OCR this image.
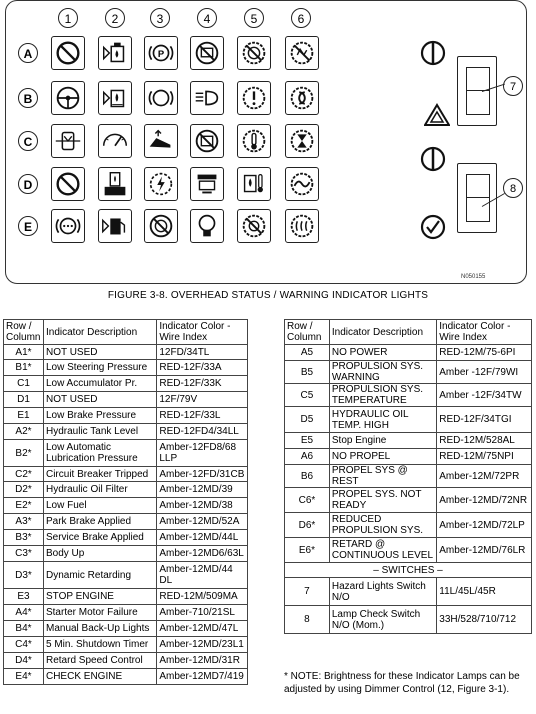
1	2	3	4	5	6
A
B
C
D
E
P
7
8
N050155
FIGURE 3-8. OVERHEAD STATUS / WARNING INDICATOR LIGHTS
Row / Column	Indicator Description	Indicator Color - Wire Index
A1*	NOT USED	12FD/34TL
B1*	Low Steering Pressure	RED-12F/33A
C1	Low Accumulator Pr.	RED-12F/33K
D1	NOT USED	12F/79V
E1	Low Brake Pressure	RED-12F/33L
A2*	Hydraulic Tank Level	RED-12FD4/34LL
B2*	Low Automatic Lubrication Pressure	Amber-12FD8/68 LLP
C2*	Circuit Breaker Tripped	Amber-12FD/31CB
D2*	Hydraulic Oil Filter	Amber-12MD/39
E2*	Low Fuel	Amber-12MD/38
A3*	Park Brake Applied	Amber-12MD/52A
B3*	Service Brake Applied	Amber-12MD/44L
C3*	Body Up	Amber-12MD6/63L
D3*	Dynamic Retarding	Amber-12MD/44 DL
E3	STOP ENGINE	RED-12M/509MA
A4*	Starter Motor Failure	Amber-710/21SL
B4*	Manual Back-Up Lights	Amber-12MD/47L
C4*	5 Min. Shutdown Timer	Amber-12MD/23L1
D4*	Retard Speed Control	Amber-12MD/31R
E4*	CHECK ENGINE	Amber-12MD7/419
Row / Column	Indicator Description	Indicator Color - Wire Index
A5	NO POWER	RED-12M/75-6PI
B5	PROPULSION SYS. WARNING	Amber -12F/79WI
C5	PROPULSION SYS. TEMPERATURE	Amber -12F/34TW
D5	HYDRAULIC OIL TEMP. HIGH	RED-12F/34TGI
E5	Stop Engine	RED-12M/528AL
A6	NO PROPEL	RED-12M/75NPI
B6	PROPEL SYS @ REST	Amber-12M/72PR
C6*	PROPEL SYS. NOT READY	Amber-12MD/72NR
D6*	REDUCED PROPULSION SYS.	Amber-12MD/72LP
E6*	RETARD @ CONTINUOUS LEVEL	Amber-12MD/76LR
– SWITCHES –		
7	Hazard Lights Switch N/O	11L/45L/45R
8	Lamp Check Switch N/O (Mom.)	33H/528/710/712
* NOTE: Brightness for these Indicator Lamps can be adjusted by using Dimmer Control (12, Figure 3-1).
